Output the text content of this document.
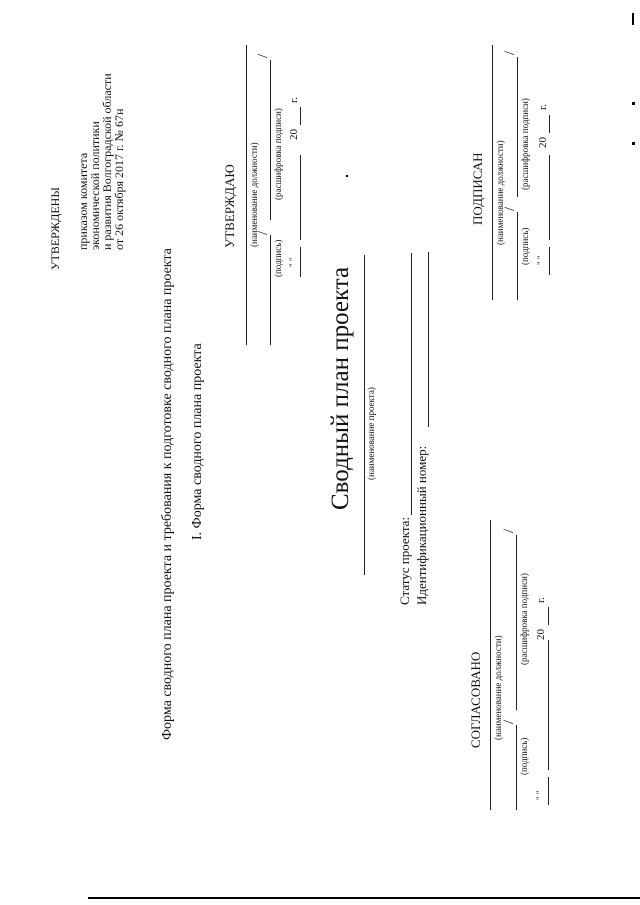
УТВЕРЖДЕНЫ приказом комитета
экономической политики
и развития Волгоградской области
от 26 октября 2017 г. № 67н
Форма сводного плана проекта и требования к подготовке сводного плана проекта I. Форма сводного плана проекта
УТВЕРЖДАЮ (наименование должности)
/
/
(подпись)
(расшифровка подписи)
" "
20
г.
Сводный план проекта (наименование проекта)
Статус проекта: Идентификационный номер:
СОГЛАСОВАНО (наименование должности)
/
/
(подпись)
(расшифровка подписи)
" "
20
г.
ПОДПИСАН (наименование должности)
/
/
(подпись)
(расшифровка подписи)
" "
20
г.
